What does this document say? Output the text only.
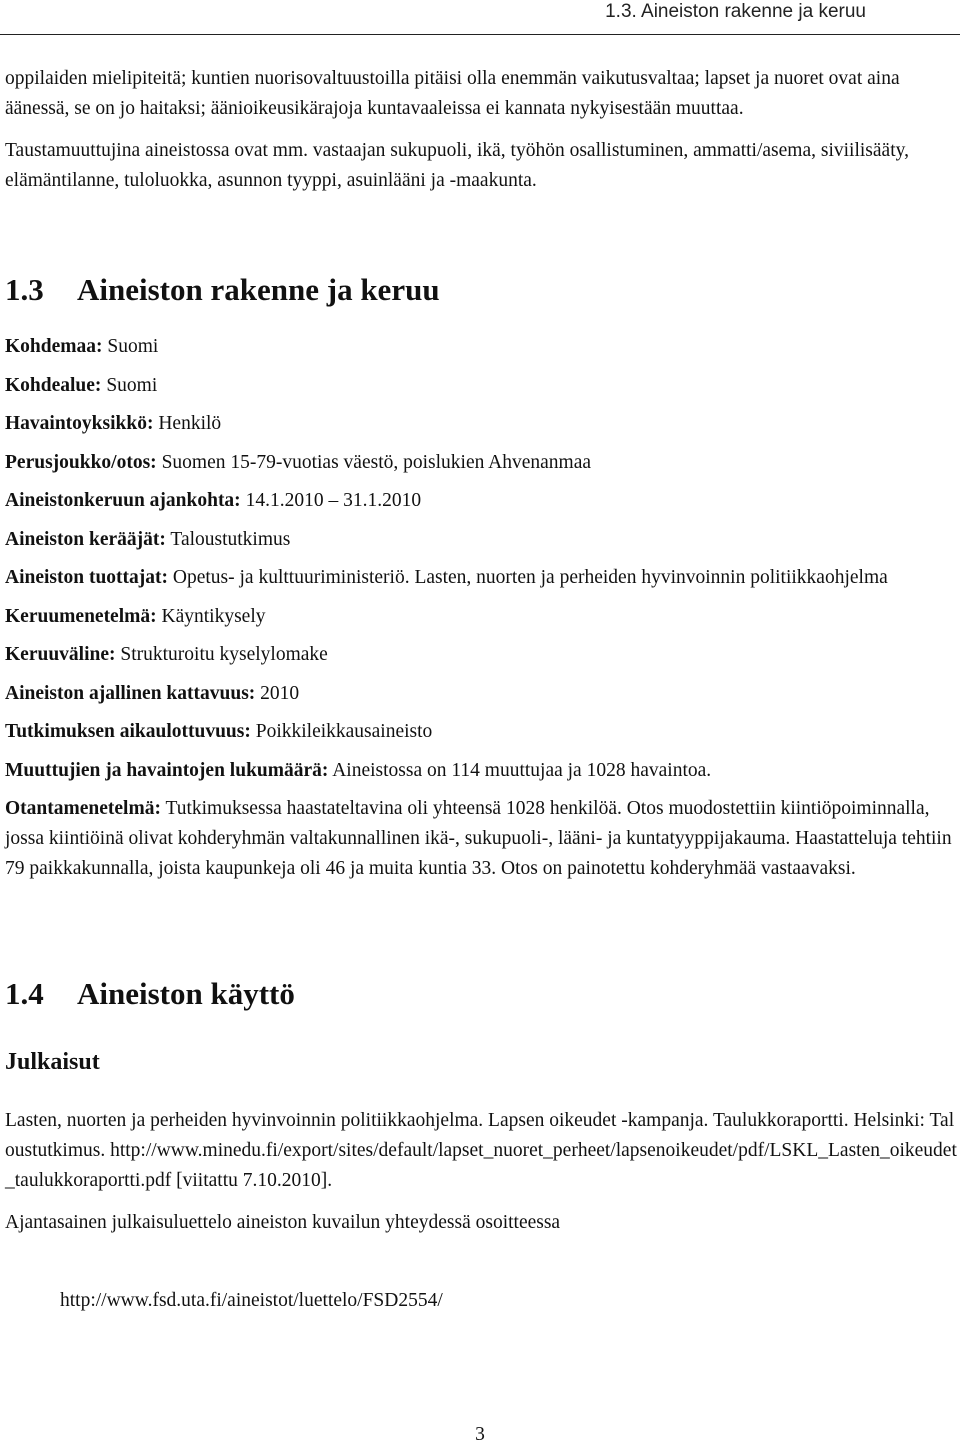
1.3. Aineiston rakenne ja keruu

oppilaiden mielipiteitä; kuntien nuorisovaltuustoilla pitäisi olla enemmän vaikutusvaltaa; lapset ja nuoret ovat aina äänessä, se on jo haitaksi; äänioikeusikärajoja kuntavaaleissa ei kannata nykyisestään muuttaa.

Taustamuuttujina aineistossa ovat mm. vastaajan sukupuoli, ikä, työhön osallistuminen, ammatti/asema, siviilisääty, elämäntilanne, tuloluokka, asunnon tyyppi, asuinlääni ja -maakunta.

1.3 Aineiston rakenne ja keruu
Kohdemaa: Suomi
Kohdealue: Suomi
Havaintoyksikkö: Henkilö
Perusjoukko/otos: Suomen 15-79-vuotias väestö, poislukien Ahvenanmaa
Aineistonkeruun ajankohta: 14.1.2010 – 31.1.2010
Aineiston kerääjät: Taloustutkimus
Aineiston tuottajat: Opetus- ja kulttuuriministeriö. Lasten, nuorten ja perheiden hyvinvoinnin politiikkaohjelma
Keruumenetelmä: Käyntikysely
Keruuväline: Strukturoitu kyselylomake
Aineiston ajallinen kattavuus: 2010
Tutkimuksen aikaulottuvuus: Poikkileikkausaineisto
Muuttujien ja havaintojen lukumäärä: Aineistossa on 114 muuttujaa ja 1028 havaintoa.
Otantamenetelmä: Tutkimuksessa haastateltavina oli yhteensä 1028 henkilöä. Otos muodostettiin kiintiöpoiminnalla, jossa kiintiöinä olivat kohderyhmän valtakunnallinen ikä-, sukupuoli-, lääni- ja kuntatyyppijakauma. Haastatteluja tehtiin 79 paikkakunnalla, joista kaupunkeja oli 46 ja muita kuntia 33. Otos on painotettu kohderyhmää vastaavaksi.
1.4 Aineiston käyttö
Julkaisut

Lasten, nuorten ja perheiden hyvinvoinnin politiikkaohjelma. Lapsen oikeudet -kampanja. Taulukkoraportti. Helsinki: Taloustutkimus. http://www.minedu.fi/export/sites/default/lapset_nuoret_perheet/lapsenoikeudet/pdf/LSKL_Lasten_oikeudet_taulukkoraportti.pdf [viitattu 7.10.2010].

Ajantasainen julkaisuluettelo aineiston kuvailun yhteydessä osoitteessa

http://www.fsd.uta.fi/aineistot/luettelo/FSD2554/

3
